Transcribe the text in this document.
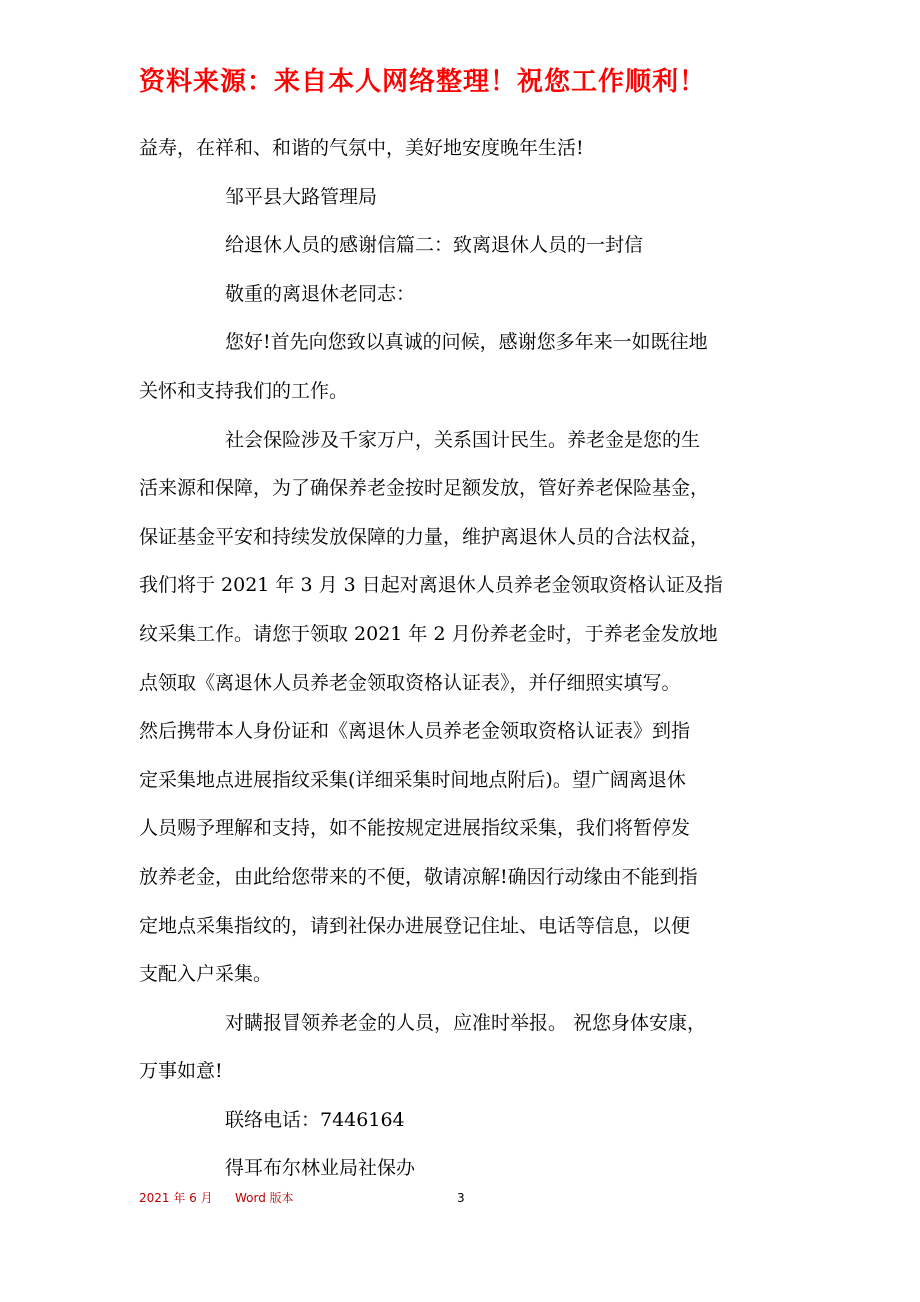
资料来源：来自本人网络整理！祝您工作顺利！
益寿，在祥和、和谐的气氛中，美好地安度晚年生活!
邹平县大路管理局
给退休人员的感谢信篇二：致离退休人员的一封信
敬重的离退休老同志：
您好!首先向您致以真诚的问候，感谢您多年来一如既往地
关怀和支持我们的工作。
社会保险涉及千家万户，关系国计民生。养老金是您的生
活来源和保障，为了确保养老金按时足额发放，管好养老保险基金，
保证基金平安和持续发放保障的力量，维护离退休人员的合法权益，
我们将于 2021 年 3 月 3 日起对离退休人员养老金领取资格认证及指
纹采集工作。请您于领取 2021 年 2 月份养老金时，于养老金发放地
点领取《离退休人员养老金领取资格认证表》，并仔细照实填写。
然后携带本人身份证和《离退休人员养老金领取资格认证表》到指
定采集地点进展指纹采集(详细采集时间地点附后)。望广阔离退休
人员赐予理解和支持，如不能按规定进展指纹采集，我们将暂停发
放养老金，由此给您带来的不便，敬请凉解!确因行动缘由不能到指
定地点采集指纹的，请到社保办进展登记住址、电话等信息，以便
支配入户采集。
对瞒报冒领养老金的人员，应准时举报。 祝您身体安康，
万事如意!
联络电话：7446164
得耳布尔林业局社保办
2021 年 6 月 Word 版本	3
